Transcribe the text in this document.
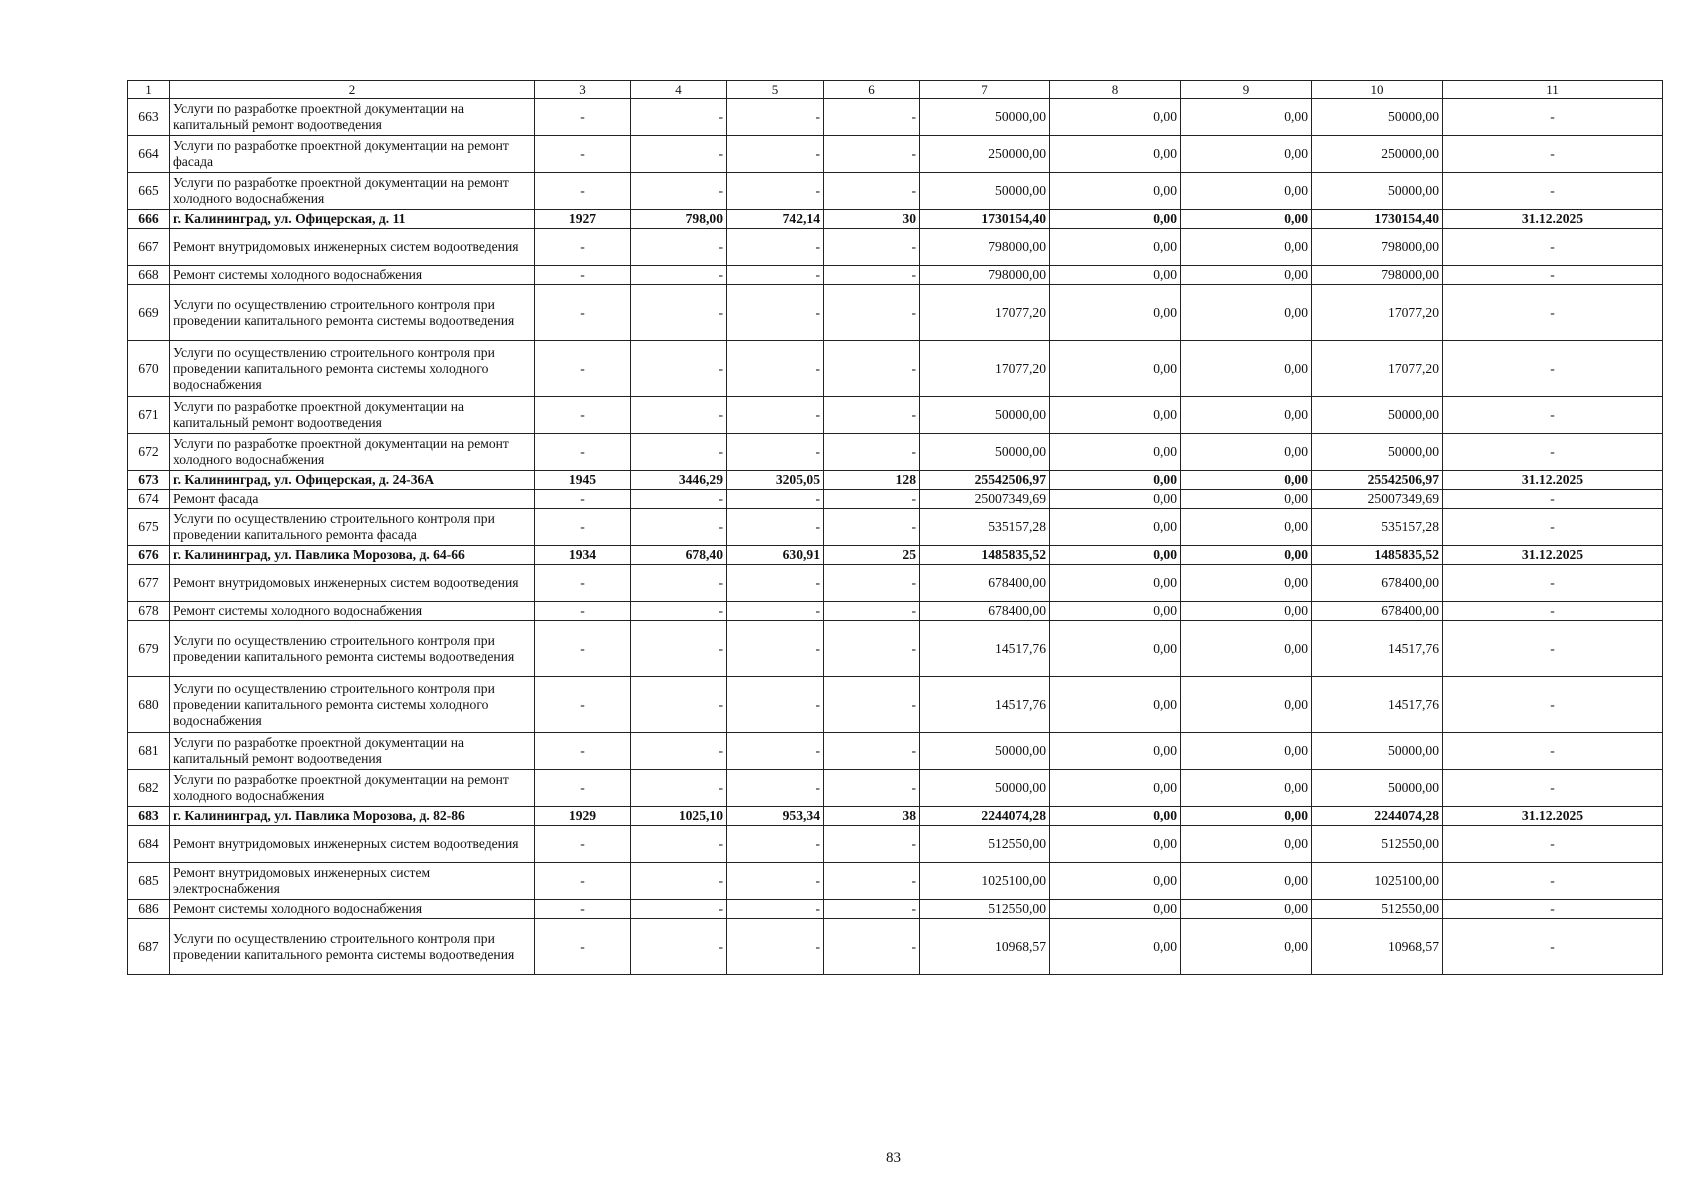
1	2	3	4	5	6	7	8	9	10	11
663	Услуги по разработке проектной документации на капитальный ремонт водоотведения	-	-	-	-	50000,00	0,00	0,00	50000,00	-
664	Услуги по разработке проектной документации на ремонт фасада	-	-	-	-	250000,00	0,00	0,00	250000,00	-
665	Услуги по разработке проектной документации на ремонт холодного водоснабжения	-	-	-	-	50000,00	0,00	0,00	50000,00	-
666	г. Калининград, ул. Офицерская, д. 11	1927	798,00	742,14	30	1730154,40	0,00	0,00	1730154,40	31.12.2025
667	Ремонт внутридомовых инженерных систем водоотведения	-	-	-	-	798000,00	0,00	0,00	798000,00	-
668	Ремонт системы холодного водоснабжения	-	-	-	-	798000,00	0,00	0,00	798000,00	-
669	Услуги по осуществлению строительного контроля при проведении капитального ремонта системы водоотведения	-	-	-	-	17077,20	0,00	0,00	17077,20	-
670	Услуги по осуществлению строительного контроля при проведении капитального ремонта системы холодного водоснабжения	-	-	-	-	17077,20	0,00	0,00	17077,20	-
671	Услуги по разработке проектной документации на капитальный ремонт водоотведения	-	-	-	-	50000,00	0,00	0,00	50000,00	-
672	Услуги по разработке проектной документации на ремонт холодного водоснабжения	-	-	-	-	50000,00	0,00	0,00	50000,00	-
673	г. Калининград, ул. Офицерская, д. 24-36А	1945	3446,29	3205,05	128	25542506,97	0,00	0,00	25542506,97	31.12.2025
674	Ремонт фасада	-	-	-	-	25007349,69	0,00	0,00	25007349,69	-
675	Услуги по осуществлению строительного контроля при проведении капитального ремонта фасада	-	-	-	-	535157,28	0,00	0,00	535157,28	-
676	г. Калининград, ул. Павлика Морозова, д. 64-66	1934	678,40	630,91	25	1485835,52	0,00	0,00	1485835,52	31.12.2025
677	Ремонт внутридомовых инженерных систем водоотведения	-	-	-	-	678400,00	0,00	0,00	678400,00	-
678	Ремонт системы холодного водоснабжения	-	-	-	-	678400,00	0,00	0,00	678400,00	-
679	Услуги по осуществлению строительного контроля при проведении капитального ремонта системы водоотведения	-	-	-	-	14517,76	0,00	0,00	14517,76	-
680	Услуги по осуществлению строительного контроля при проведении капитального ремонта системы холодного водоснабжения	-	-	-	-	14517,76	0,00	0,00	14517,76	-
681	Услуги по разработке проектной документации на капитальный ремонт водоотведения	-	-	-	-	50000,00	0,00	0,00	50000,00	-
682	Услуги по разработке проектной документации на ремонт холодного водоснабжения	-	-	-	-	50000,00	0,00	0,00	50000,00	-
683	г. Калининград, ул. Павлика Морозова, д. 82-86	1929	1025,10	953,34	38	2244074,28	0,00	0,00	2244074,28	31.12.2025
684	Ремонт внутридомовых инженерных систем водоотведения	-	-	-	-	512550,00	0,00	0,00	512550,00	-
685	Ремонт внутридомовых инженерных систем электроснабжения	-	-	-	-	1025100,00	0,00	0,00	1025100,00	-
686	Ремонт системы холодного водоснабжения	-	-	-	-	512550,00	0,00	0,00	512550,00	-
687	Услуги по осуществлению строительного контроля при проведении капитального ремонта системы водоотведения	-	-	-	-	10968,57	0,00	0,00	10968,57	-
83
